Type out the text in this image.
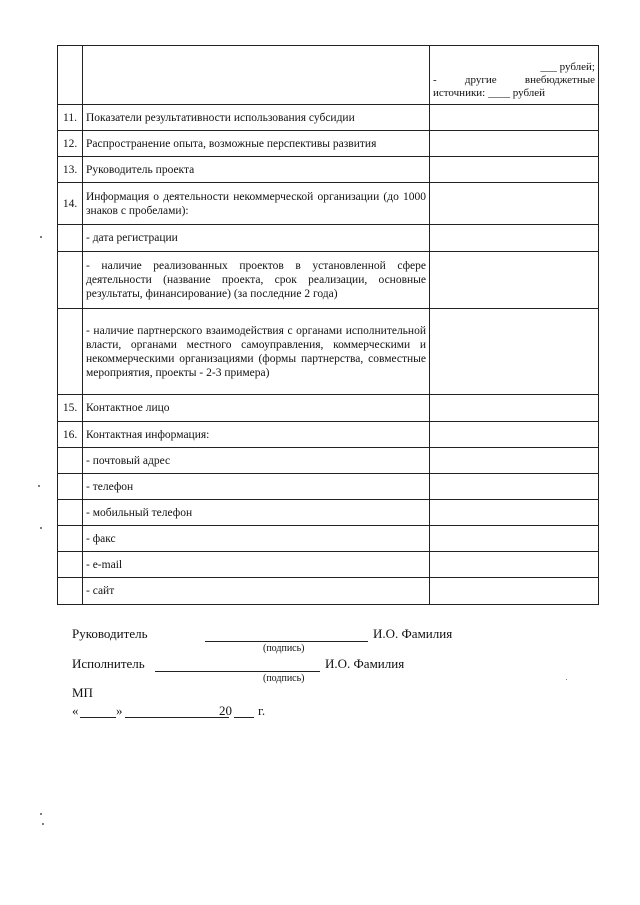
		___ рублей;
- другие внебюджетные источники: ____ рублей

11.	Показатели результативности использования субсидии	
12.	Распространение опыта, возможные перспективы развития	
13.	Руководитель проекта	
14.	Информация о деятельности некоммерческой организации (до 1000 знаков с пробелами):	
	- дата регистрации	
	- наличие реализованных проектов в установленной сфере деятельности (название проекта, срок реализации, основные результаты, финансирование) (за последние 2 года)	
	- наличие партнерского взаимодействия с органами исполнительной власти, органами местного самоуправления, коммерческими и некоммерческими организациями (формы партнерства, совместные мероприятия, проекты - 2-3 примера)	
15.	Контактное лицо	
16.	Контактная информация:	
	- почтовый адрес	
	- телефон	
	- мобильный телефон	
	- факс	
	- e-mail	
	- сайт	
Руководитель	И.О. Фамилия
(подпись)
Исполнитель	И.О. Фамилия
(подпись)
МП
«	»	20 г.
